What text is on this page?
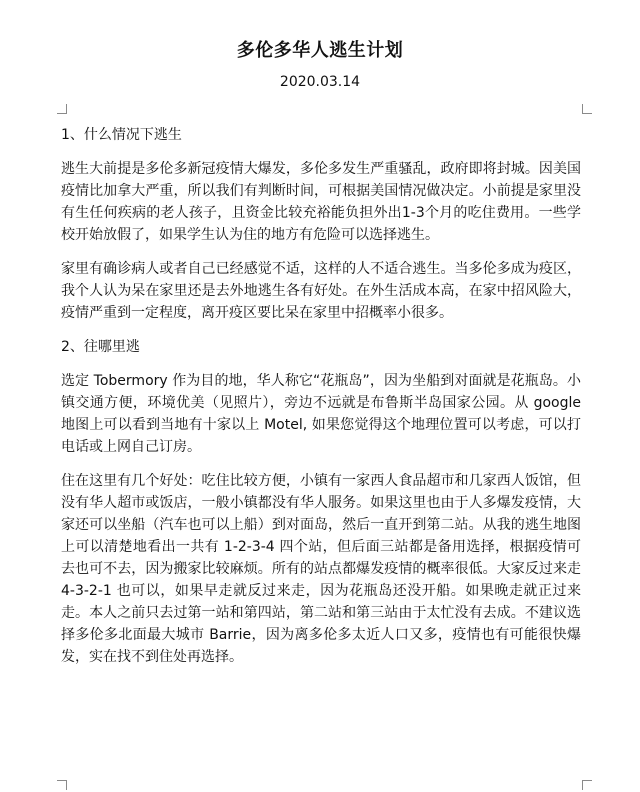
多伦多华人逃生计划
2020.03.14

1、什么情况下逃生

逃生大前提是多伦多新冠疫情大爆发，多伦多发生严重骚乱，政府即将封城。因美国疫情比加拿大严重，所以我们有判断时间，可根据美国情况做决定。小前提是家里没有生任何疾病的老人孩子，且资金比较充裕能负担外出1-3个月的吃住费用。一些学校开始放假了，如果学生认为住的地方有危险可以选择逃生。

家里有确诊病人或者自己已经感觉不适，这样的人不适合逃生。当多伦多成为疫区，我个人认为呆在家里还是去外地逃生各有好处。在外生活成本高，在家中招风险大，疫情严重到一定程度，离开疫区要比呆在家里中招概率小很多。

2、往哪里逃

选定 Tobermory 作为目的地，华人称它“花瓶岛”，因为坐船到对面就是花瓶岛。小镇交通方便，环境优美（见照片），旁边不远就是布鲁斯半岛国家公园。从 google 地图上可以看到当地有十家以上 Motel, 如果您觉得这个地理位置可以考虑，可以打电话或上网自己订房。

住在这里有几个好处：吃住比较方便，小镇有一家西人食品超市和几家西人饭馆，但没有华人超市或饭店，一般小镇都没有华人服务。如果这里也由于人多爆发疫情，大家还可以坐船（汽车也可以上船）到对面岛，然后一直开到第二站。从我的逃生地图上可以清楚地看出一共有 1-2-3-4 四个站，但后面三站都是备用选择，根据疫情可去也可不去，因为搬家比较麻烦。所有的站点都爆发疫情的概率很低。大家反过来走 4-3-2-1 也可以，如果早走就反过来走，因为花瓶岛还没开船。如果晚走就正过来走。本人之前只去过第一站和第四站，第二站和第三站由于太忙没有去成。不建议选择多伦多北面最大城市 Barrie，因为离多伦多太近人口又多，疫情也有可能很快爆发，实在找不到住处再选择。
